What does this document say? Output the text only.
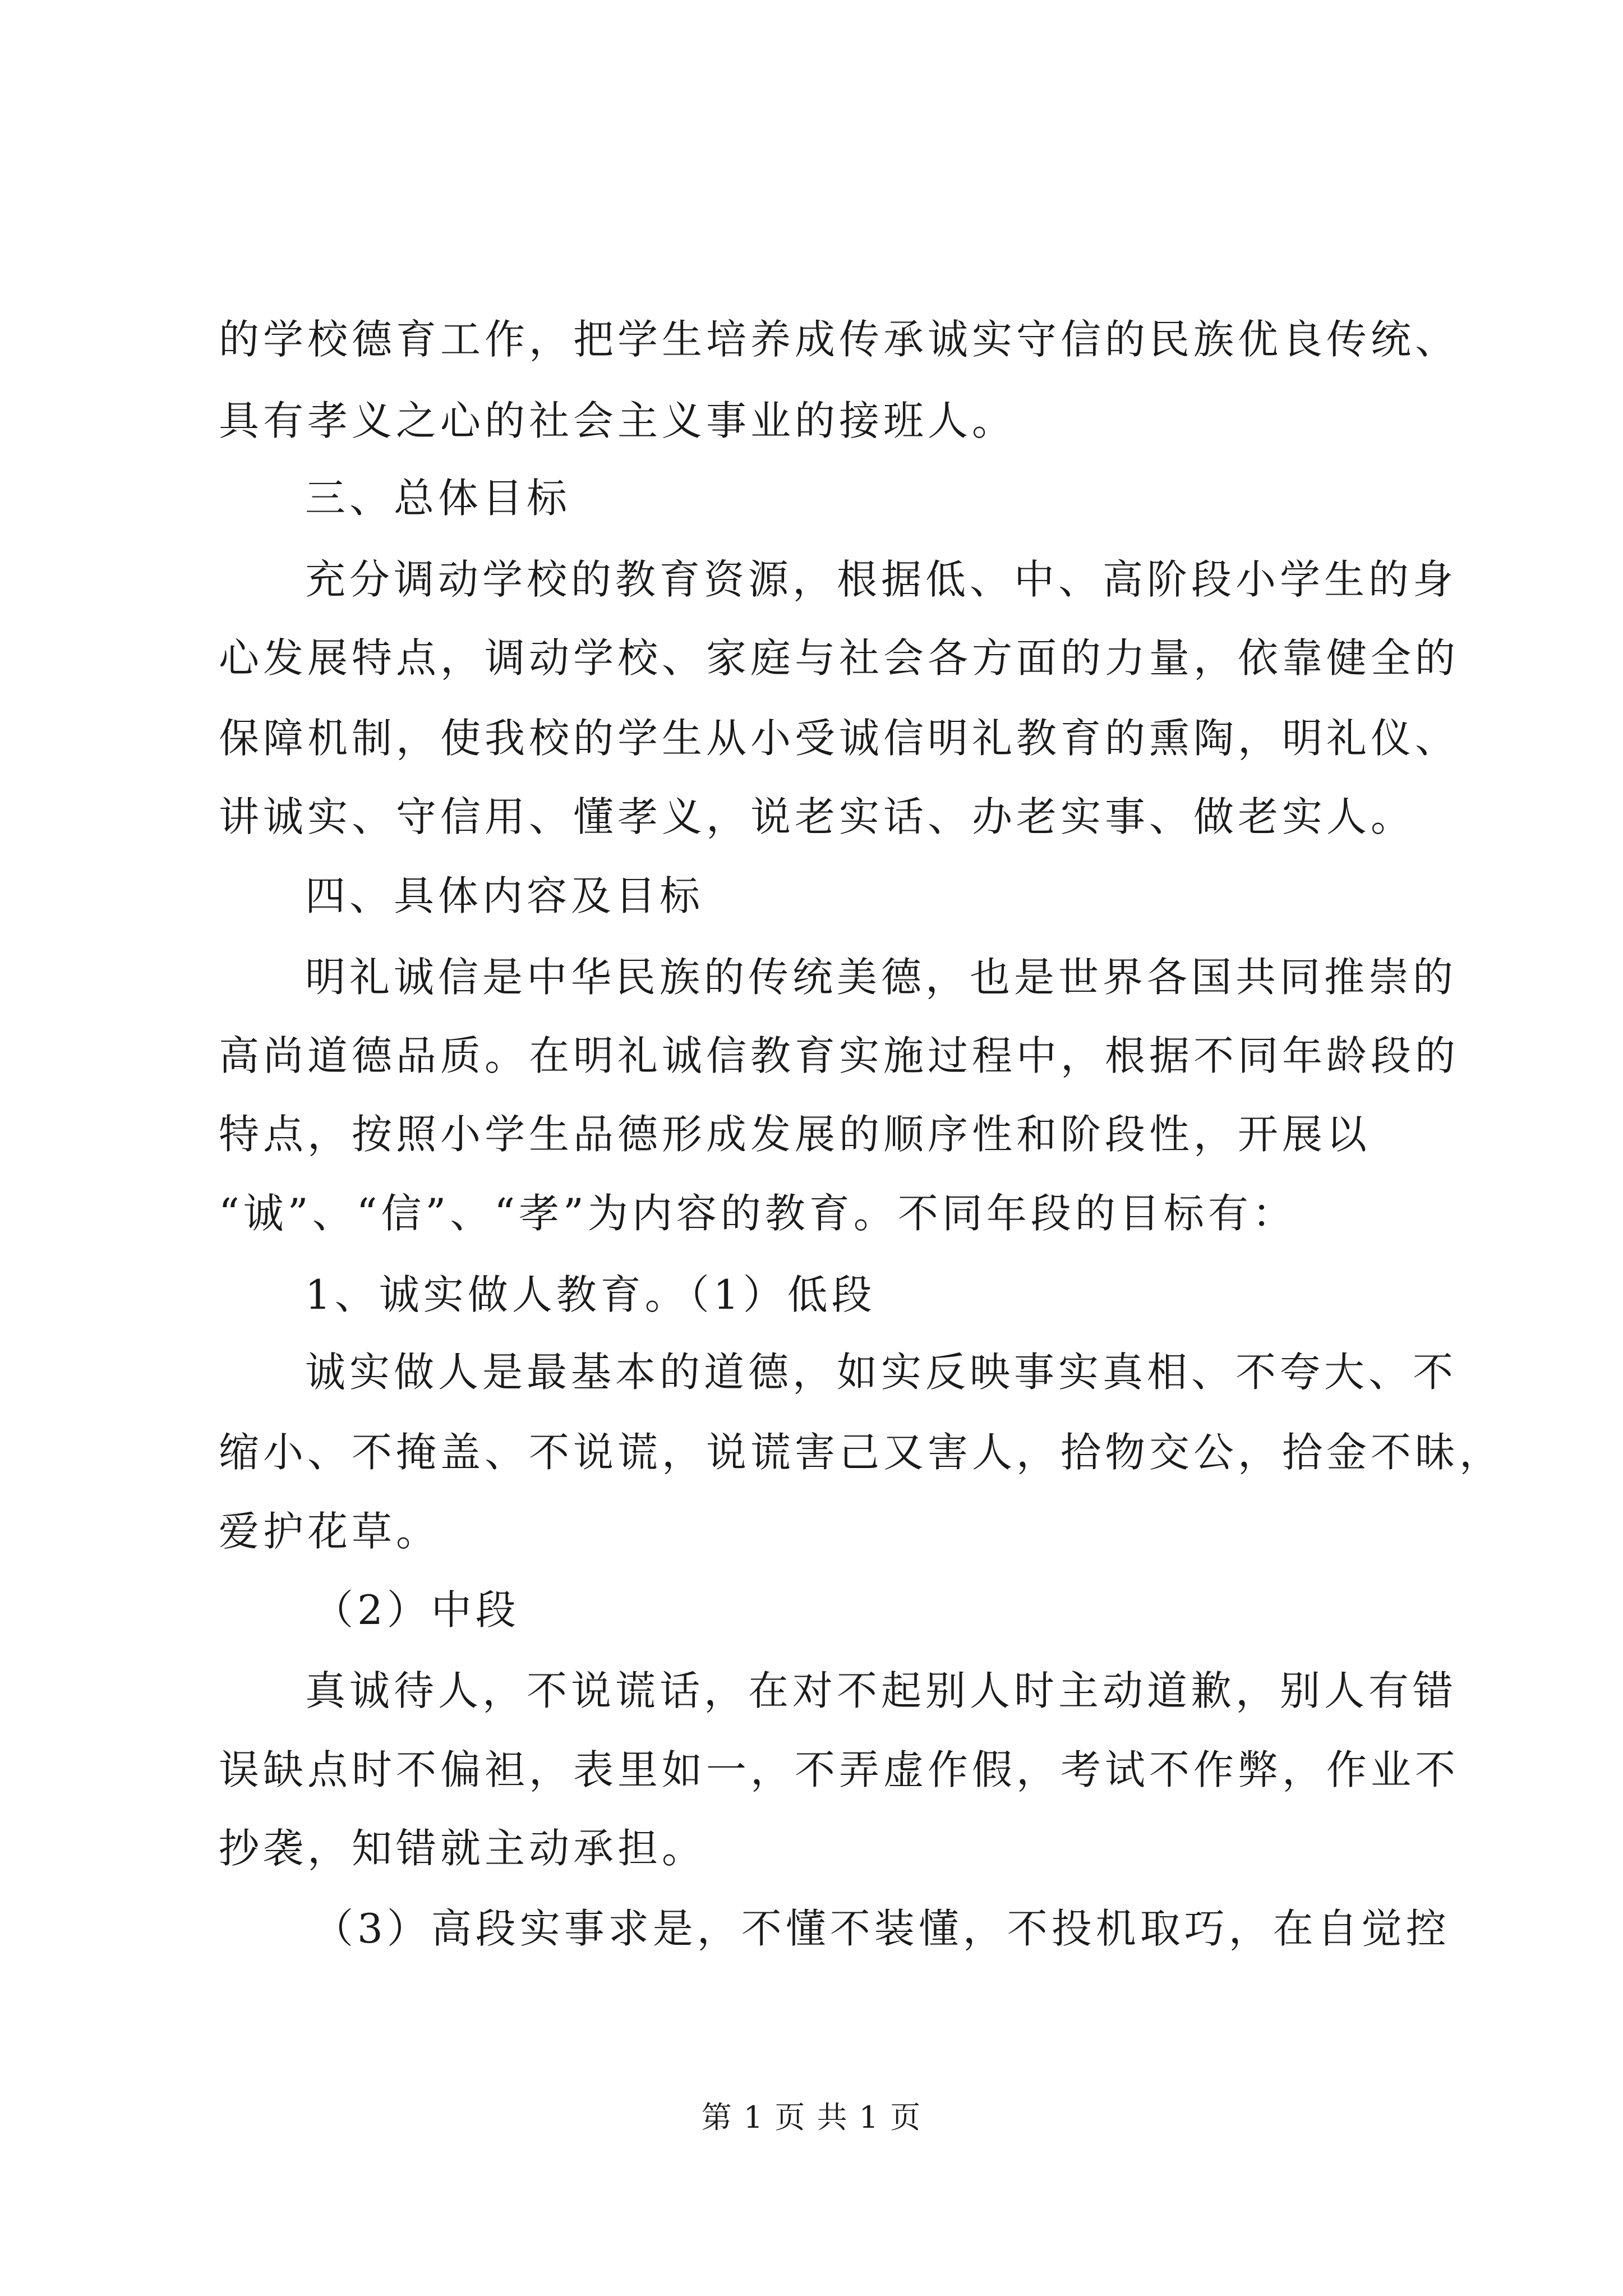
的学校德育工作，把学生培养成传承诚实守信的民族优良传统、
具有孝义之心的社会主义事业的接班人。
三、总体目标
充分调动学校的教育资源，根据低、中、高阶段小学生的身
心发展特点，调动学校、家庭与社会各方面的力量，依靠健全的
保障机制，使我校的学生从小受诚信明礼教育的熏陶，明礼仪、
讲诚实、守信用、懂孝义，说老实话、办老实事、做老实人。
四、具体内容及目标
明礼诚信是中华民族的传统美德，也是世界各国共同推崇的
高尚道德品质。在明礼诚信教育实施过程中，根据不同年龄段的
特点，按照小学生品德形成发展的顺序性和阶段性，开展以
“诚”、“信”、“孝”为内容的教育。不同年段的目标有：
1、诚实做人教育。（1）低段
诚实做人是最基本的道德，如实反映事实真相、不夸大、不
缩小、不掩盖、不说谎，说谎害己又害人，拾物交公，拾金不昧，
爱护花草。
（2）中段
真诚待人，不说谎话，在对不起别人时主动道歉，别人有错
误缺点时不偏袒，表里如一，不弄虚作假，考试不作弊，作业不
抄袭，知错就主动承担。
（3）高段实事求是，不懂不装懂，不投机取巧，在自觉控
第 1 页 共 1 页
